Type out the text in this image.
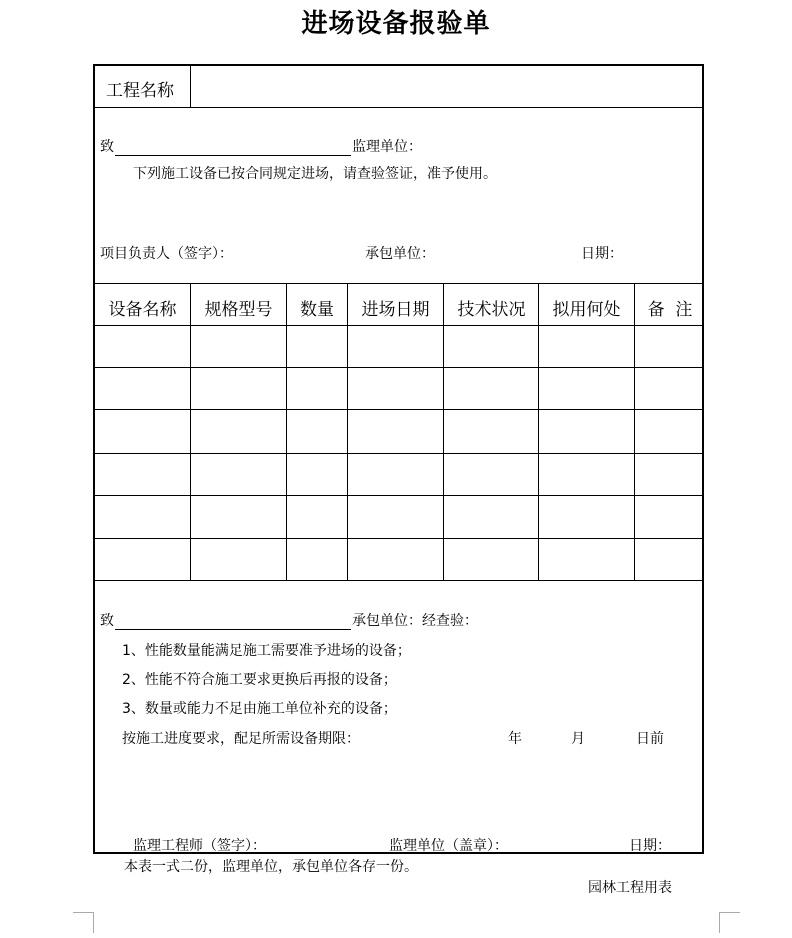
进场设备报验单
工程名称
致	监理单位：
下列施工设备已按合同规定进场，请查验签证，准予使用。
项目负责人（签字）：	承包单位：	日期：
设备名称	规格型号	数量	进场日期	技术状况	拟用何处	备  注
致	承包单位：经查验：
1、性能数量能满足施工需要准予进场的设备；
2、性能不符合施工要求更换后再报的设备；
3、数量或能力不足由施工单位补充的设备；
按施工进度要求，配足所需设备期限：	年	月	日前
监理工程师（签字）：	监理单位（盖章）：	日期：
本表一式二份，监理单位，承包单位各存一份。
园林工程用表
